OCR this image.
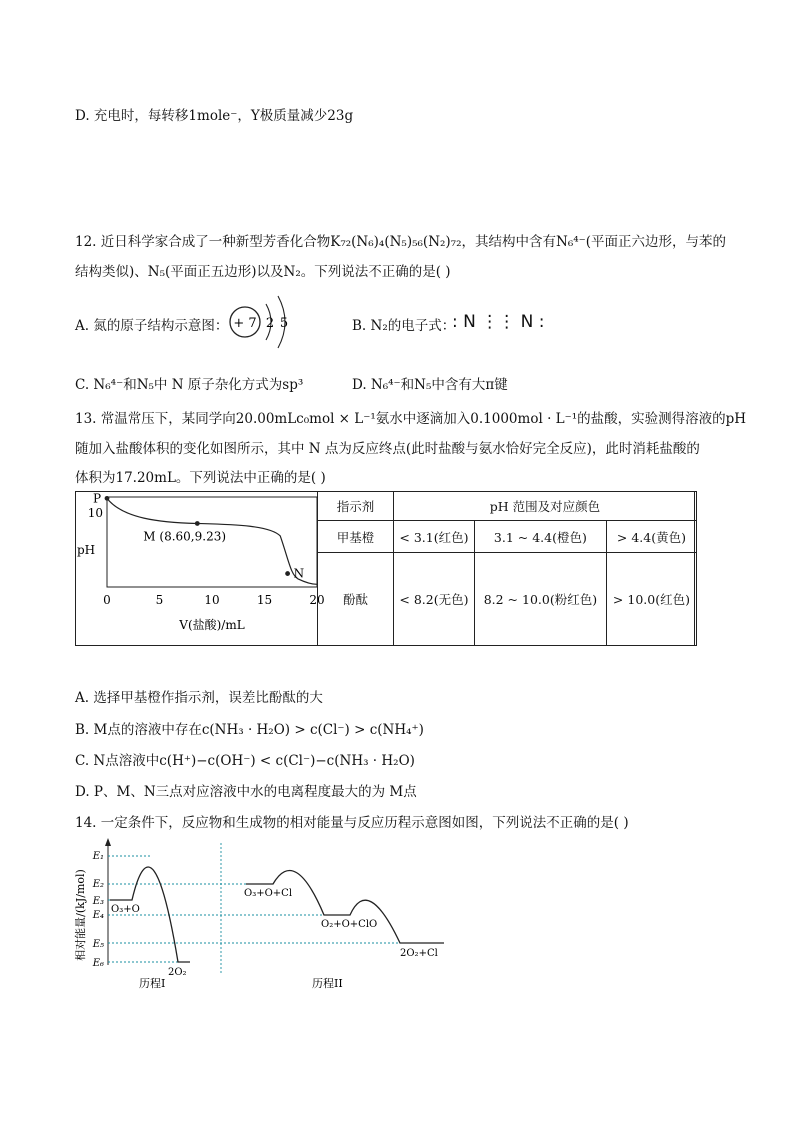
D. 充电时，每转移1mole⁻，Y极质量减少23g
12. 近日科学家合成了一种新型芳香化合物K₇₂(N₆)₄(N₅)₅₆(N₂)₇₂，其结构中含有N₆⁴⁻(平面正六边形，与苯的
结构类似)、N₅(平面正五边形)以及N₂。下列说法不正确的是( )
A. 氮的原子结构示意图： + 7 2 5	B. N₂的电子式：
: N ⋮⋮ N :
C. N₆⁴⁻和N₅中 N 原子杂化方式为sp³	D. N₆⁴⁻和N₅中含有大π键
13. 常温常压下，某同学向20.00mLc₀mol × L⁻¹氨水中逐滴加入0.1000mol · L⁻¹的盐酸，实验测得溶液的pH
随加入盐酸体积的变化如图所示，其中 N 点为反应终点(此时盐酸与氨水恰好完全反应)，此时消耗盐酸的
体积为17.20mL。下列说法中正确的是( )
P
M (8.60,9.23)
N
0	5	10	15	20
10
pH
V(盐酸)/mL
指示剂	pH 范围及对应颜色		
甲基橙	< 3.1(红色)	3.1 ~ 4.4(橙色)	> 4.4(黄色)
酚酞	< 8.2(无色)	8.2 ~ 10.0(粉红色)	> 10.0(红色)
A. 选择甲基橙作指示剂，误差比酚酞的大
B. M点的溶液中存在c(NH₃ · H₂O) > c(Cl⁻) > c(NH₄⁺)
C. N点溶液中c(H⁺)−c(OH⁻) < c(Cl⁻)−c(NH₃ · H₂O)
D. P、M、N三点对应溶液中水的电离程度最大的为 M点
14. 一定条件下，反应物和生成物的相对能量与反应历程示意图如图，下列说法不正确的是( )
相对能量/(kJ/mol)
E₁
E₂
E₃
E₄
E₅
E₆
O₃+O
2O₂
历程I
O₃+O+Cl
O₂+O+ClO
2O₂+Cl
历程II
